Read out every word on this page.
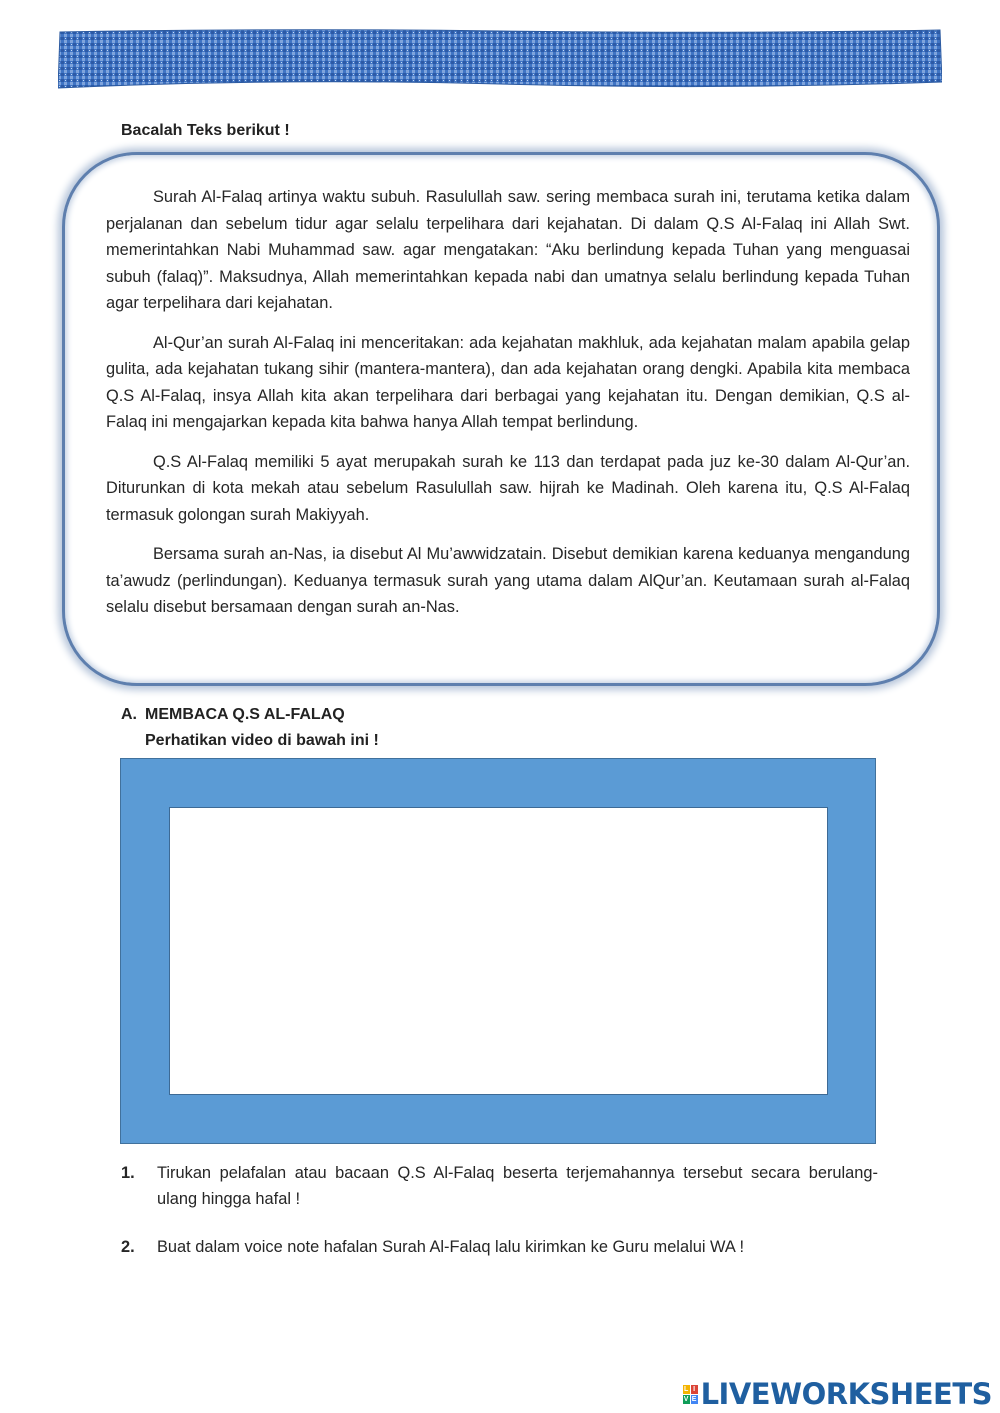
Bacalah Teks berikut !

Surah Al-Falaq artinya waktu subuh. Rasulullah saw. sering membaca surah ini, terutama ketika dalam perjalanan dan sebelum tidur agar selalu terpelihara dari kejahatan. Di dalam Q.S Al-Falaq ini Allah Swt. memerintahkan Nabi Muhammad saw. agar mengatakan: “Aku berlindung kepada Tuhan yang menguasai subuh (falaq)”. Maksudnya, Allah memerintahkan kepada nabi dan umatnya selalu berlindung kepada Tuhan agar terpelihara dari kejahatan.

Al-Qur’an surah Al-Falaq ini menceritakan: ada kejahatan makhluk, ada kejahatan malam apabila gelap gulita, ada kejahatan tukang sihir (mantera-mantera), dan ada kejahatan orang dengki. Apabila kita membaca Q.S Al-Falaq, insya Allah kita akan terpelihara dari berbagai yang kejahatan itu. Dengan demikian, Q.S al-Falaq ini mengajarkan kepada kita bahwa hanya Allah tempat berlindung.

Q.S Al-Falaq memiliki 5 ayat merupakah surah ke 113 dan terdapat pada juz ke-30 dalam Al-Qur’an. Diturunkan di kota mekah atau sebelum Rasulullah saw. hijrah ke Madinah. Oleh karena itu, Q.S Al-Falaq termasuk golongan surah Makiyyah.

Bersama surah an-Nas, ia disebut Al Mu’awwidzatain. Disebut demikian karena keduanya mengandung ta’awudz (perlindungan). Keduanya termasuk surah yang utama dalam AlQur’an. Keutamaan surah al-Falaq selalu disebut bersamaan dengan surah an-Nas.

A. MEMBACA Q.S AL-FALAQ
Perhatikan video di bawah ini !
1. Tirukan pelafalan atau bacaan Q.S Al-Falaq beserta terjemahannya tersebut secara berulang-ulang hingga hafal !
2. Buat dalam voice note hafalan Surah Al-Falaq lalu kirimkan ke Guru melalui WA !
L I
V E LIVEWORKSHEETS
